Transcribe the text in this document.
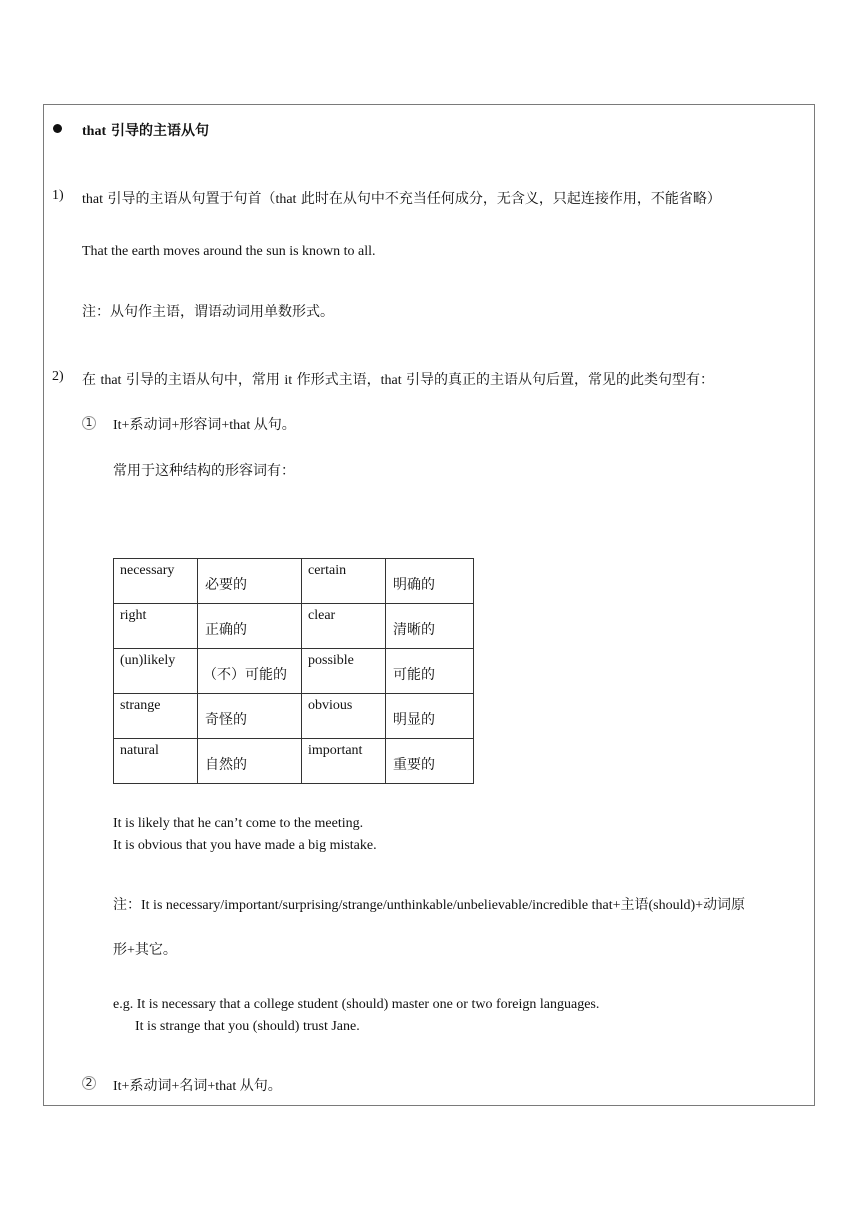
that 引导的主语从句
1) that 引导的主语从句置于句首（that 此时在从句中不充当任何成分，无含义，只起连接作用，不能省略）
That the earth moves around the sun is known to all.
注：从句作主语，谓语动词用单数形式。
2) 在 that 引导的主语从句中，常用 it 作形式主语，that 引导的真正的主语从句后置，常见的此类句型有：
1 It+系动词+形容词+that 从句。
常用于这种结构的形容词有：
necessary	必要的	certain	明确的

right	正确的	clear	清晰的

(un)likely	（不）可能的	possible	可能的

strange	奇怪的	obvious	明显的

natural	自然的	important	重要的
It is likely that he can’t come to the meeting.
It is obvious that you have made a big mistake.
注：It is necessary/important/surprising/strange/unthinkable/unbelievable/incredible that+主语(should)+动词原
形+其它。
e.g. It is necessary that a college student (should) master one or two foreign languages.
It is strange that you (should) trust Jane.
2 It+系动词+名词+that 从句。
